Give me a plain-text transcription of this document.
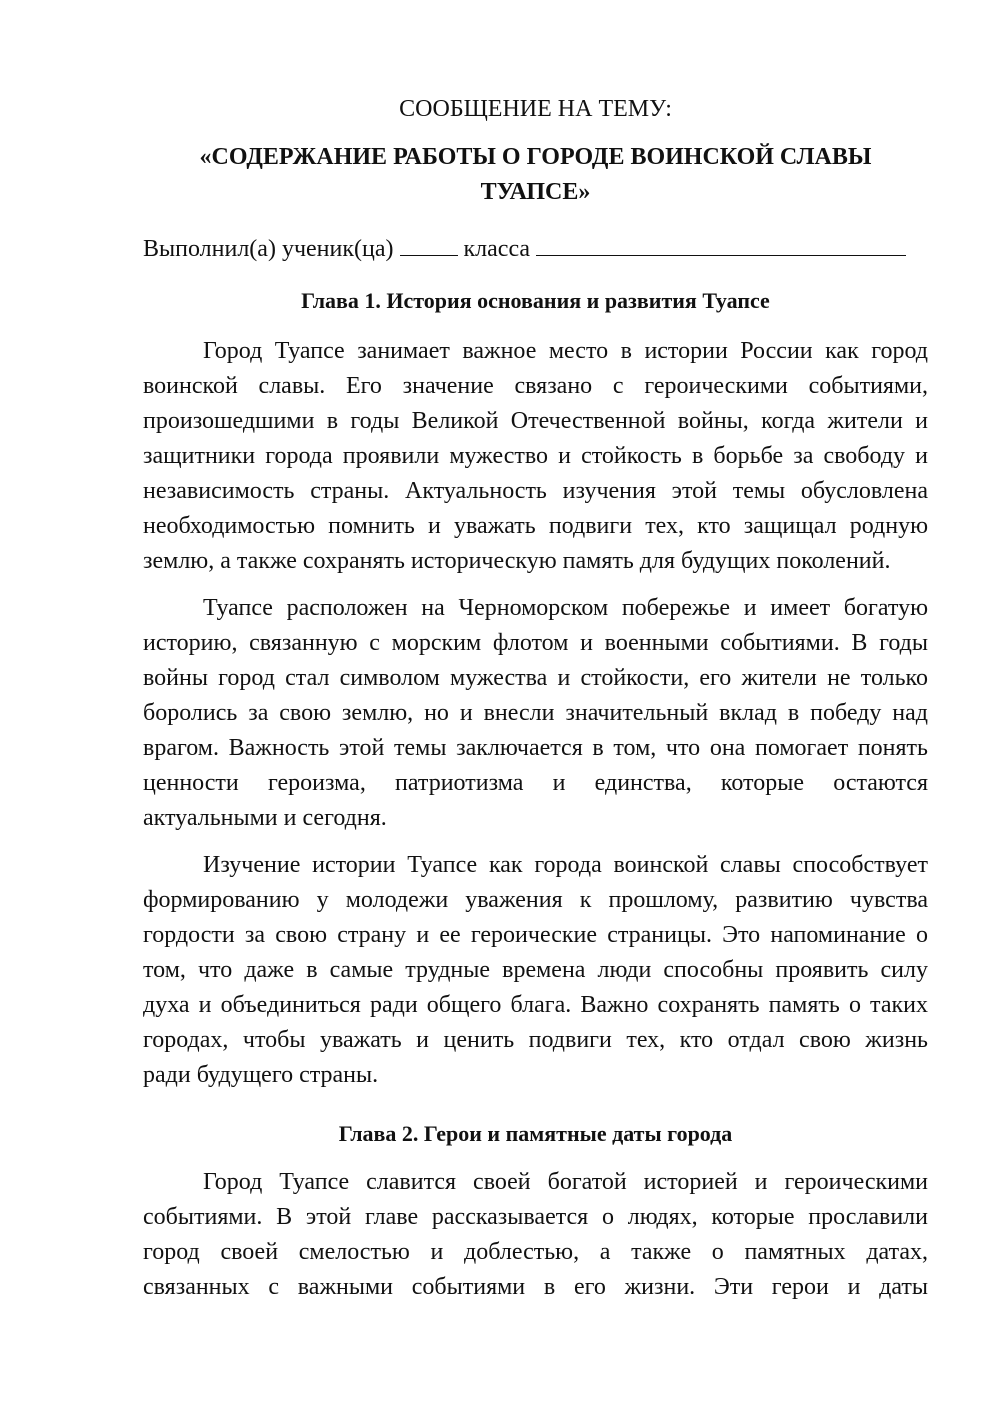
СООБЩЕНИЕ НА ТЕМУ:
«СОДЕРЖАНИЕ РАБОТЫ О ГОРОДЕ ВОИНСКОЙ СЛАВЫ
ТУАПСЕ»
Выполнил(а) ученик(ца)	класса
Глава 1. История основания и развития Туапсе
Город Туапсе занимает важное место в истории России как город
воинской славы. Его значение связано с героическими событиями,
произошедшими в годы Великой Отечественной войны, когда жители и
защитники города проявили мужество и стойкость в борьбе за свободу и
независимость страны. Актуальность изучения этой темы обусловлена
необходимостью помнить и уважать подвиги тех, кто защищал родную
землю, а также сохранять историческую память для будущих поколений.
Туапсе расположен на Черноморском побережье и имеет богатую
историю, связанную с морским флотом и военными событиями. В годы
войны город стал символом мужества и стойкости, его жители не только
боролись за свою землю, но и внесли значительный вклад в победу над
врагом. Важность этой темы заключается в том, что она помогает понять
ценности героизма, патриотизма и единства, которые остаются
актуальными и сегодня.
Изучение истории Туапсе как города воинской славы способствует
формированию у молодежи уважения к прошлому, развитию чувства
гордости за свою страну и ее героические страницы. Это напоминание о
том, что даже в самые трудные времена люди способны проявить силу
духа и объединиться ради общего блага. Важно сохранять память о таких
городах, чтобы уважать и ценить подвиги тех, кто отдал свою жизнь
ради будущего страны.
Глава 2. Герои и памятные даты города
Город Туапсе славится своей богатой историей и героическими
событиями. В этой главе рассказывается о людях, которые прославили
город своей смелостью и доблестью, а также о памятных датах,
связанных с важными событиями в его жизни. Эти герои и даты
